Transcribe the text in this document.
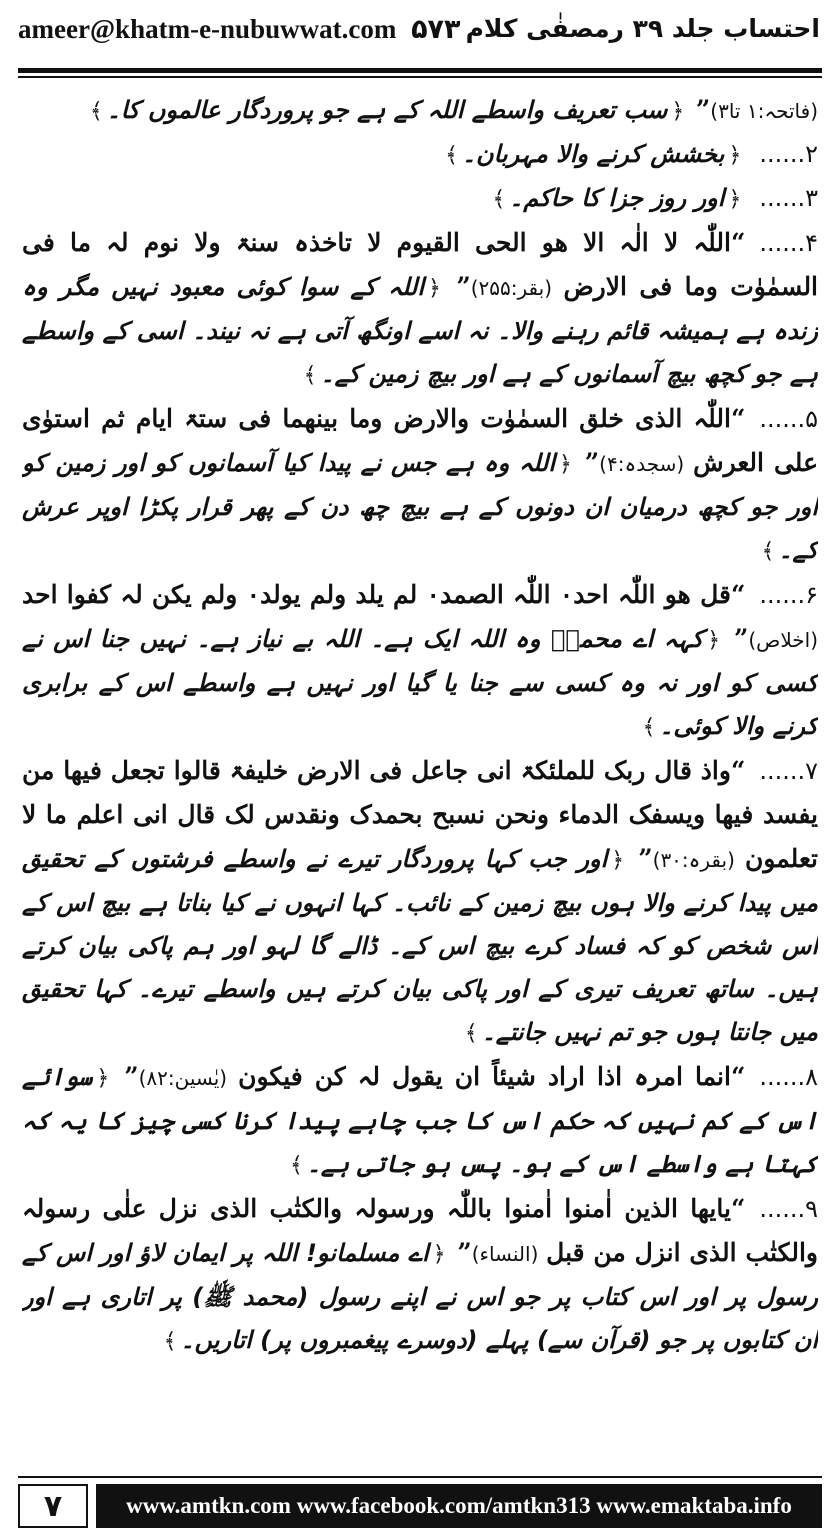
ameer@khatm-e-nubuwwat.com ۵۷۳ احتساب جلد ۳۹ رمصفٰی کلام

(فاتحہ:۱ تا۳)” ﴿سب تعریف واسطے اللہ کے ہے جو پروردگار عالموں کا۔﴾

۲......﴿بخشش کرنے والا مہربان۔﴾

۳......﴿اور روز جزا کا حاکم۔﴾

۴......“اللّٰہ لا الٰہ الا ھو الحی القیوم لا تاخذہ سنۃ ولا نوم لہ ما فی السمٰوٰت وما فی الارض (بقر:۲۵۵)” ﴿اللہ کے سوا کوئی معبود نہیں مگر وہ زندہ ہے ہمیشہ قائم رہنے والا۔ نہ اسے اونگھ آتی ہے نہ نیند۔ اسی کے واسطے ہے جو کچھ بیچ آسمانوں کے ہے اور بیچ زمین کے۔﴾

۵......“اللّٰہ الذی خلق السمٰوٰت والارض وما بینھما فی ستۃ ایام ثم استوٰی علی العرش (سجدہ:۴)” ﴿اللہ وہ ہے جس نے پیدا کیا آسمانوں کو اور زمین کو اور جو کچھ درمیان ان دونوں کے ہے بیچ چھ دن کے پھر قرار پکڑا اوپر عرش کے۔﴾

۶......“قل ھو اللّٰہ احد۰ اللّٰہ الصمد۰ لم یلد ولم یولد۰ ولم یکن لہ کفوا احد (اخلاص)” ﴿کہہ اے محمدؐ وہ اللہ ایک ہے۔ اللہ بے نیاز ہے۔ نہیں جنا اس نے کسی کو اور نہ وہ کسی سے جنا یا گیا اور نہیں ہے واسطے اس کے برابری کرنے والا کوئی۔﴾

۷......“واذ قال ربک للملئکۃ انی جاعل فی الارض خلیفۃ قالوا تجعل فیھا من یفسد فیھا ویسفک الدماء ونحن نسبح بحمدک ونقدس لک قال انی اعلم ما لا تعلمون (بقرہ:۳۰)” ﴿اور جب کہا پروردگار تیرے نے واسطے فرشتوں کے تحقیق میں پیدا کرنے والا ہوں بیچ زمین کے نائب۔ کہا انہوں نے کیا بناتا ہے بیچ اس کے اس شخص کو کہ فساد کرے بیچ اس کے۔ ڈالے گا لہو اور ہم پاکی بیان کرتے ہیں۔ ساتھ تعریف تیری کے اور پاکی بیان کرتے ہیں واسطے تیرے۔ کہا تحقیق میں جانتا ہوں جو تم نہیں جانتے۔﴾

۸......“انما امرہ اذا اراد شیئاً ان یقول لہ کن فیکون (یٰسین:۸۲)” ﴿سوائے اس کے کم نہیں کہ حکم اس کا جب چاہے پیدا کرنا کسی چیز کا یہ کہ کہتا ہے واسطے اس کے ہو۔ پس ہو جاتی ہے۔﴾

۹......“یایھا الذین اٰمنوا اٰمنوا باللّٰہ ورسولہ والکتٰب الذی نزل علٰی رسولہ والکتٰب الذی انزل من قبل (النساء)” ﴿اے مسلمانو! اللہ پر ایمان لاؤ اور اس کے رسول پر اور اس کتاب پر جو اس نے اپنے رسول (محمد ﷺ) پر اتاری ہے اور ان کتابوں پر جو (قرآن سے) پہلے (دوسرے پیغمبروں پر) اتاریں۔﴾

۷	www.amtkn.com www.facebook.com/amtkn313 www.emaktaba.info
